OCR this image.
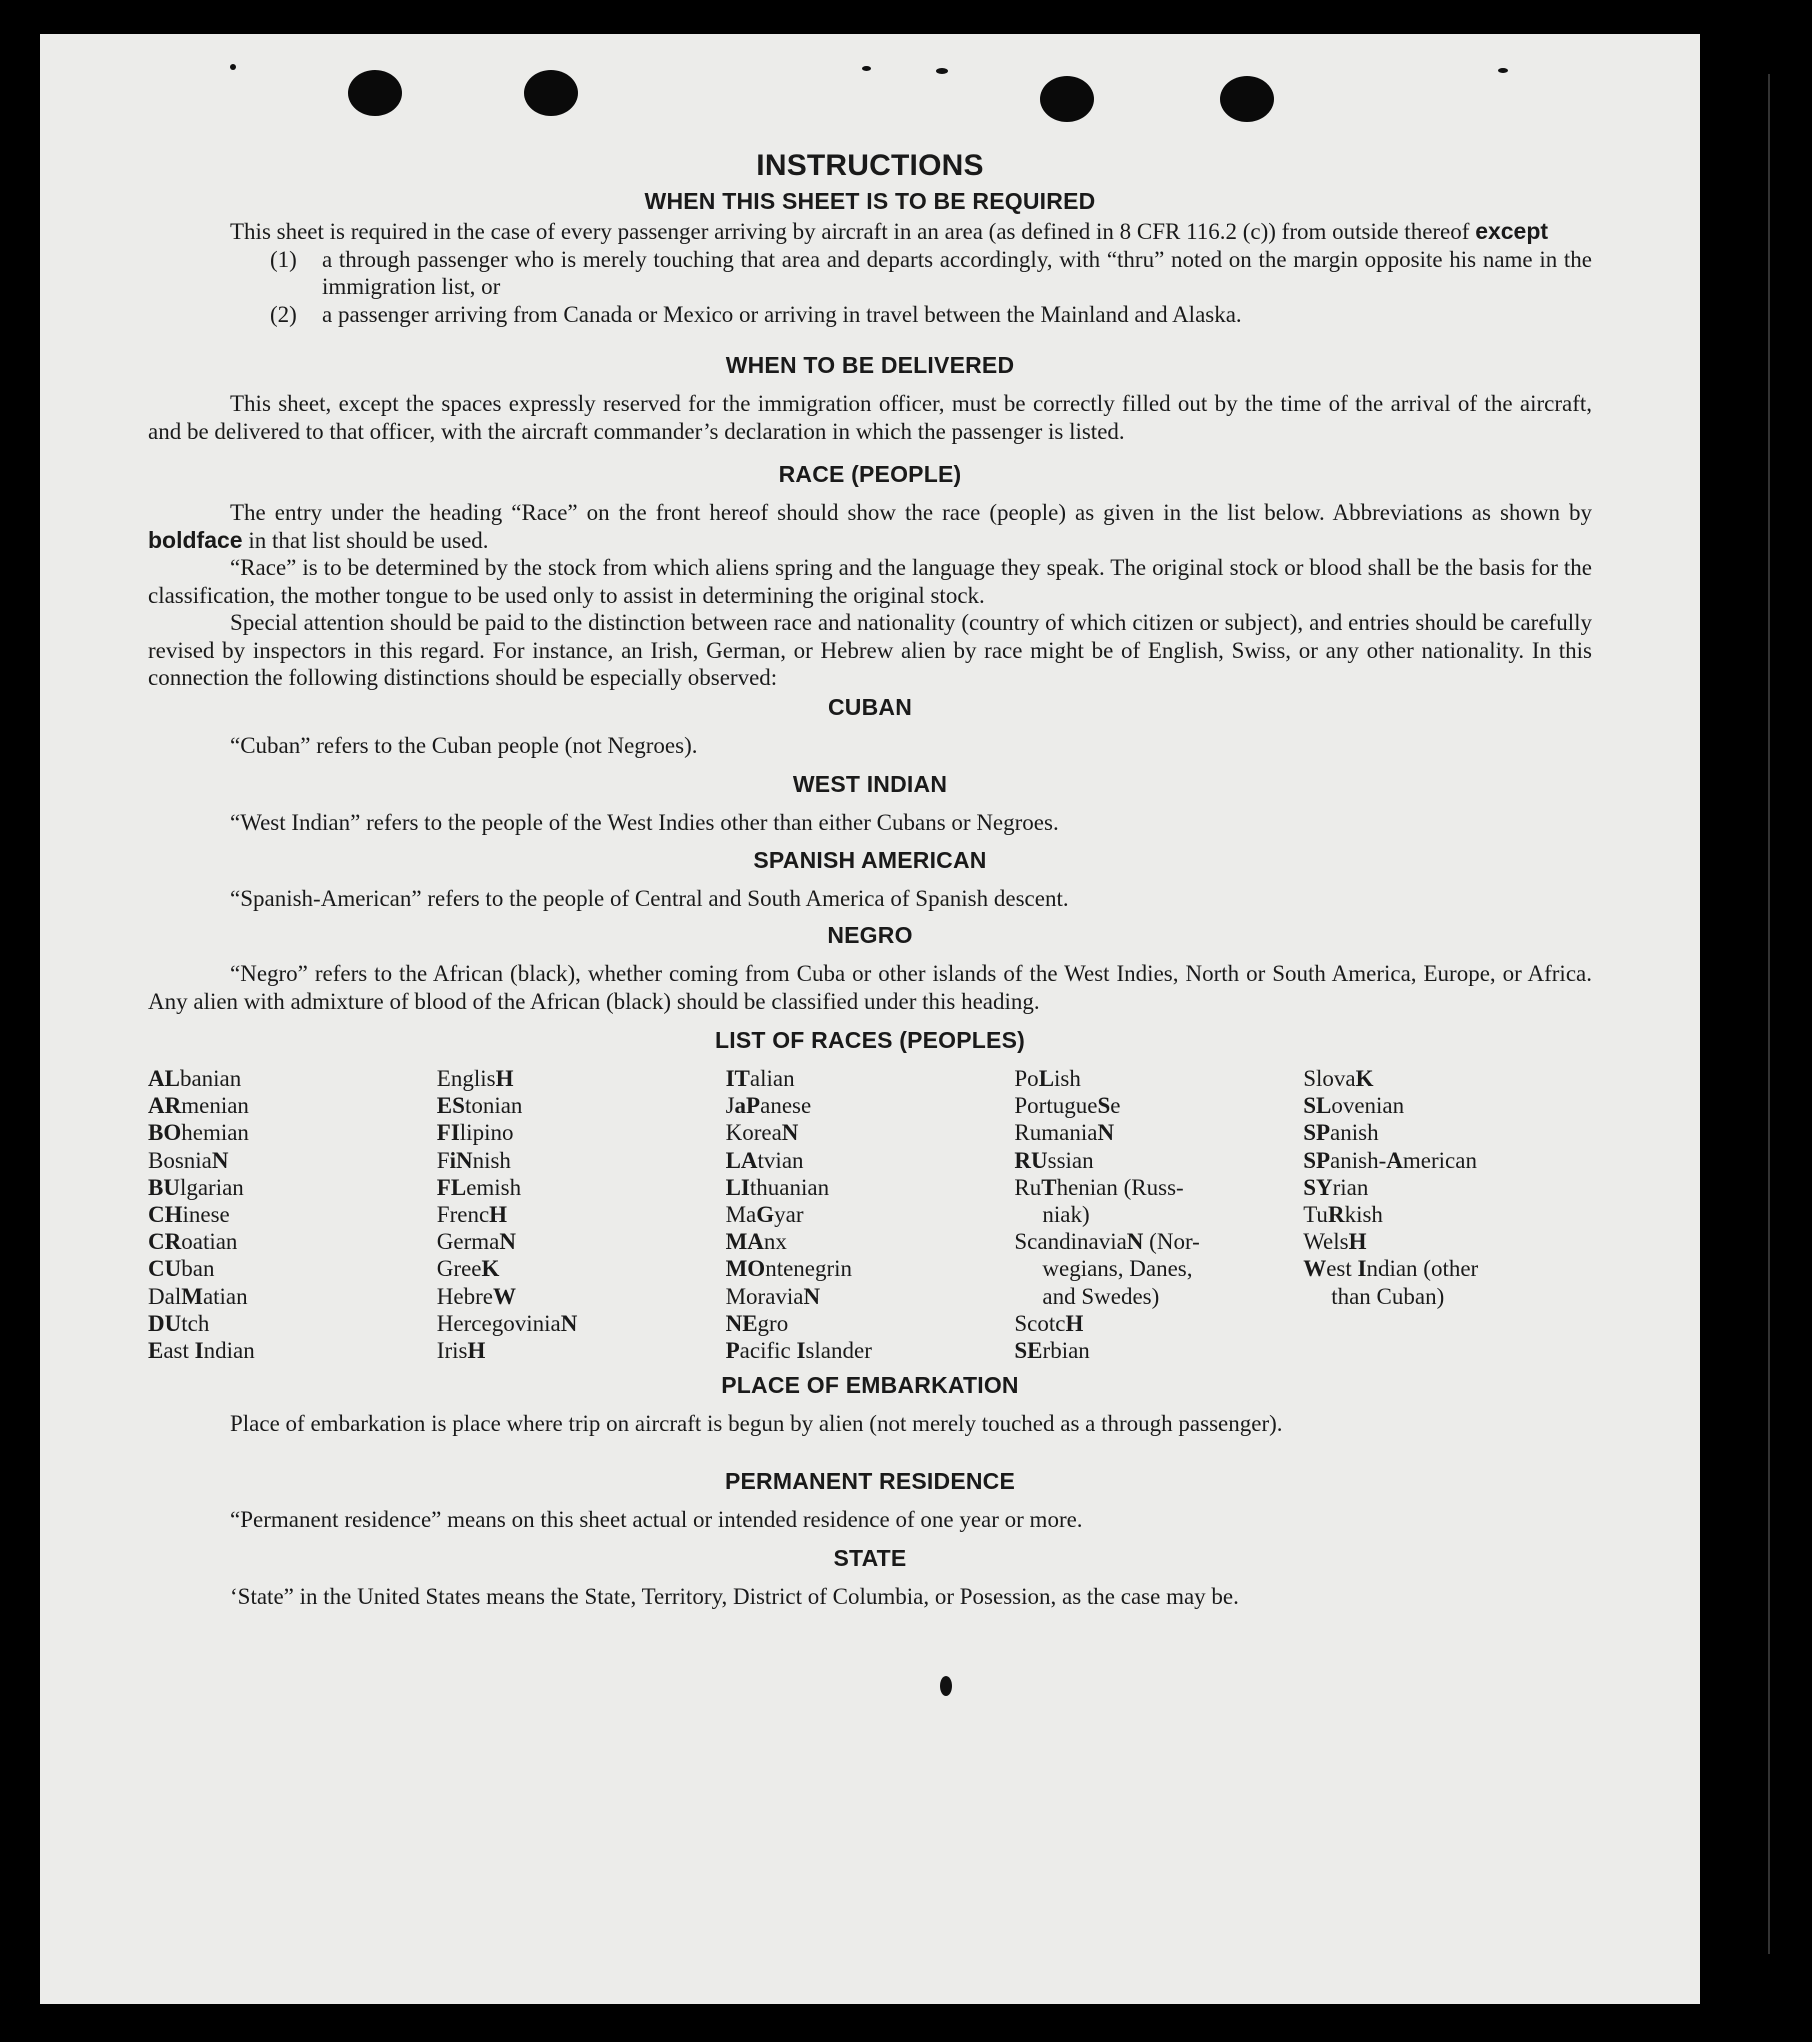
INSTRUCTIONS
WHEN THIS SHEET IS TO BE REQUIRED

This sheet is required in the case of every passenger arriving by aircraft in an area (as defined in 8 CFR 116.2 (c)) from outside thereof except

(1)	a through passenger who is merely touching that area and departs accordingly, with “thru” noted on the margin opposite his name in the immigration list, or
(2)	a passenger arriving from Canada or Mexico or arriving in travel between the Mainland and Alaska.
WHEN TO BE DELIVERED

This sheet, except the spaces expressly reserved for the immigration officer, must be correctly filled out by the time of the arrival of the aircraft, and be delivered to that officer, with the aircraft commander’s declaration in which the passenger is listed.

RACE (PEOPLE)

The entry under the heading “Race” on the front hereof should show the race (people) as given in the list below. Abbreviations as shown by boldface in that list should be used.

“Race” is to be determined by the stock from which aliens spring and the language they speak. The original stock or blood shall be the basis for the classification, the mother tongue to be used only to assist in determining the original stock.

Special attention should be paid to the distinction between race and nationality (country of which citizen or subject), and entries should be carefully revised by inspectors in this regard. For instance, an Irish, German, or Hebrew alien by race might be of English, Swiss, or any other nationality. In this connection the following distinctions should be especially observed:

CUBAN

“Cuban” refers to the Cuban people (not Negroes).

WEST INDIAN

“West Indian” refers to the people of the West Indies other than either Cubans or Negroes.

SPANISH AMERICAN

“Spanish-American” refers to the people of Central and South America of Spanish descent.

NEGRO

“Negro” refers to the African (black), whether coming from Cuba or other islands of the West Indies, North or South America, Europe, or Africa. Any alien with admixture of blood of the African (black) should be classified under this heading.

LIST OF RACES (PEOPLES)
ALbanian
ARmenian
BOhemian
BosniaN
BUlgarian
CHinese
CRoatian
CUban
DalMatian
DUtch
East Indian
EnglisH
EStonian
FIlipino
FiNnish
FLemish
FrencH
GermaN
GreeK
HebreW
HercegoviniaN
IrisH
ITalian
JaPanese
KoreaN
LAtvian
LIthuanian
MaGyar
MAnx
MOntenegrin
MoraviaN
NEgro
Pacific Islander
PoLish
PortugueSe
RumaniaN
RUssian
RuThenian (Russ-
niak)
ScandinaviaN (Nor-
wegians, Danes,
and Swedes)
ScotcH
SErbian
SlovaK
SLovenian
SPanish
SPanish-American
SYrian
TuRkish
WelsH
West Indian (other
than Cuban)
PLACE OF EMBARKATION

Place of embarkation is place where trip on aircraft is begun by alien (not merely touched as a through passenger).

PERMANENT RESIDENCE

“Permanent residence” means on this sheet actual or intended residence of one year or more.

STATE

‘State” in the United States means the State, Territory, District of Columbia, or Posession, as the case may be.
